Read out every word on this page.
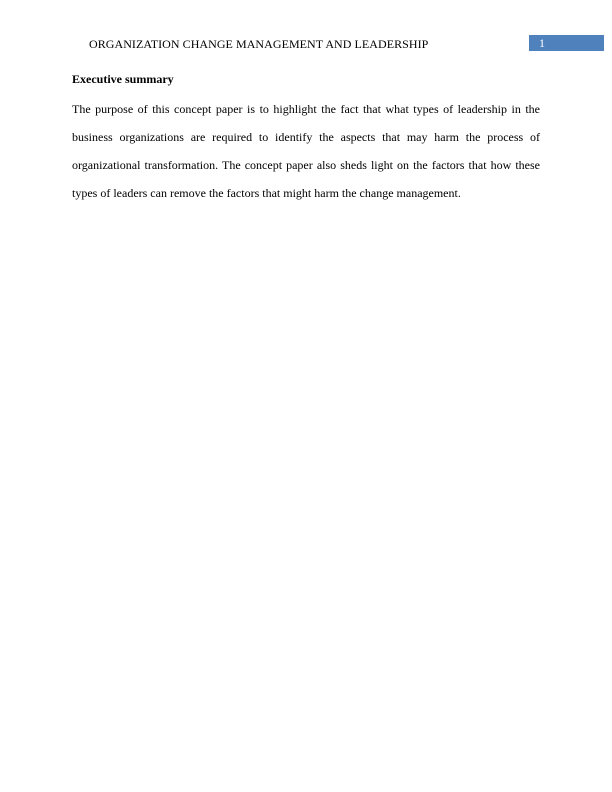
ORGANIZATION CHANGE MANAGEMENT AND LEADERSHIP	1
Executive summary

The purpose of this concept paper is to highlight the fact that what types of leadership in the business organizations are required to identify the aspects that may harm the process of organizational transformation. The concept paper also sheds light on the factors that how these types of leaders can remove the factors that might harm the change management.
